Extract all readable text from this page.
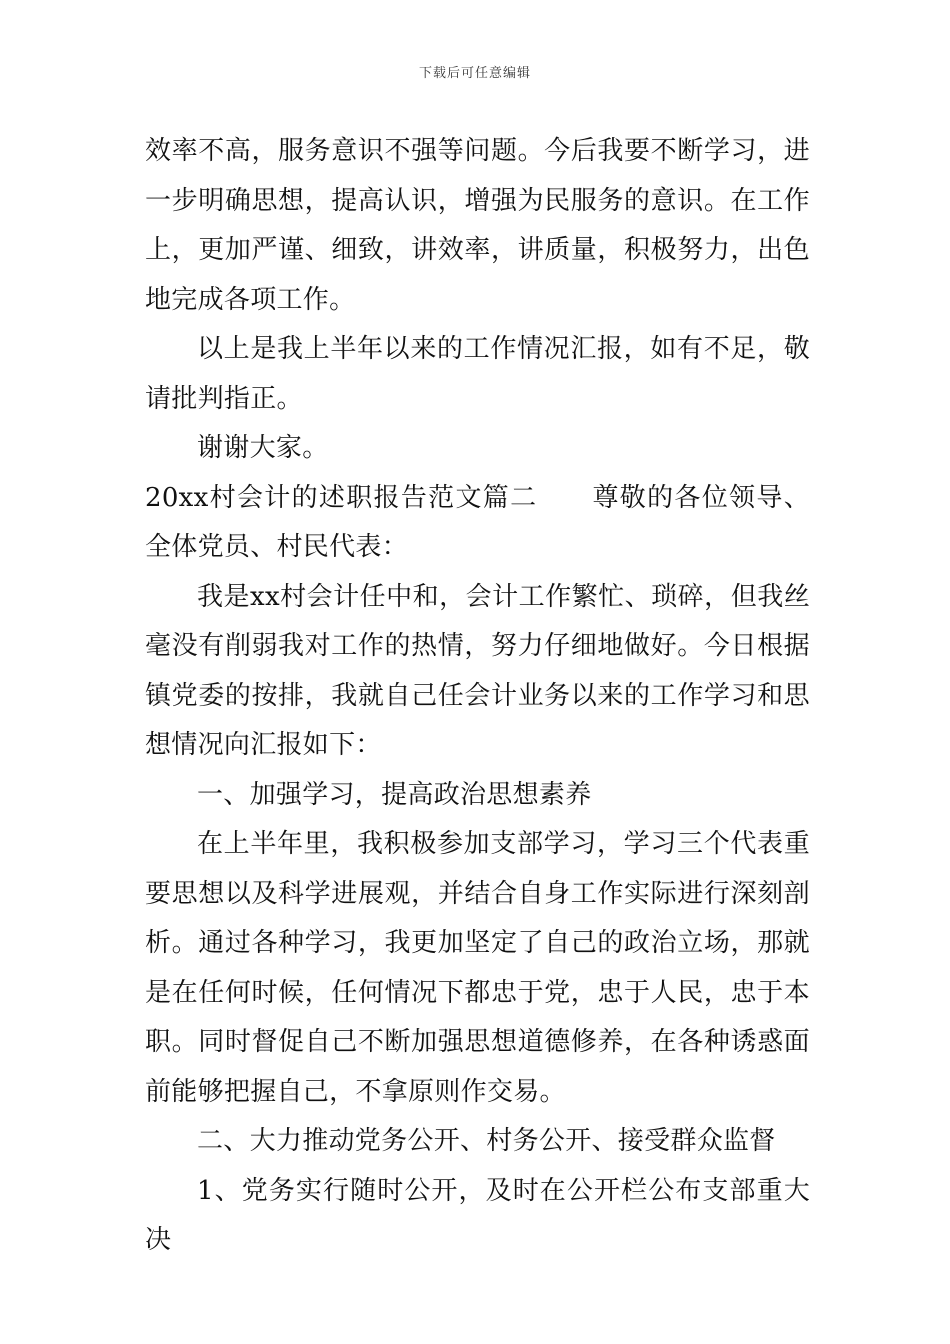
下载后可任意编辑

效率不高，服务意识不强等问题。今后我要不断学习，进一步明确思想，提高认识，增强为民服务的意识。在工作上，更加严谨、细致，讲效率，讲质量，积极努力，出色地完成各项工作。

以上是我上半年以来的工作情况汇报，如有不足，敬请批判指正。

谢谢大家。

20xx村会计的述职报告范文篇二 尊敬的各位领导、全体党员、村民代表：

我是xx村会计任中和，会计工作繁忙、琐碎，但我丝毫没有削弱我对工作的热情，努力仔细地做好。今日根据镇党委的按排，我就自己任会计业务以来的工作学习和思想情况向汇报如下：

一、加强学习，提高政治思想素养

在上半年里，我积极参加支部学习，学习三个代表重要思想以及科学进展观，并结合自身工作实际进行深刻剖析。通过各种学习，我更加坚定了自己的政治立场，那就是在任何时候，任何情况下都忠于党，忠于人民，忠于本职。同时督促自己不断加强思想道德修养，在各种诱惑面前能够把握自己，不拿原则作交易。

二、大力推动党务公开、村务公开、接受群众监督

1、党务实行随时公开，及时在公开栏公布支部重大决
